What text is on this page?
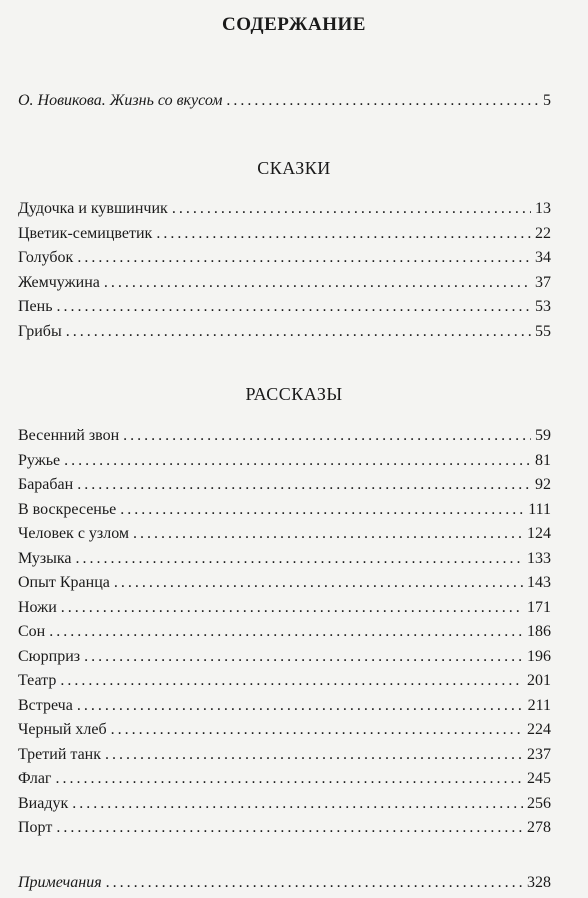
СОДЕРЖАНИЕ
О. Новикова. Жизнь со вкусом . . .	5
СКАЗКИ
Дудочка и кувшинчик . . .	13
Цветик-семицветик . . .	22
Голубок . . .	34
Жемчужина . . .	37
Пень . . .	53
Грибы . . .	55
РАССКАЗЫ
Весенний звон . . .	59
Ружье . . .	81
Барабан . . .	92
В воскресенье . . .	111
Человек с узлом . . .	124
Музыка . . .	133
Опыт Кранца . . .	143
Ножи . . .	171
Сон . . .	186
Сюрприз . . .	196
Театр . . .	201
Встреча . . .	211
Черный хлеб . . .	224
Третий танк . . .	237
Флаг . . .	245
Виадук . . .	256
Порт . . .	278
Примечания . . .	328
